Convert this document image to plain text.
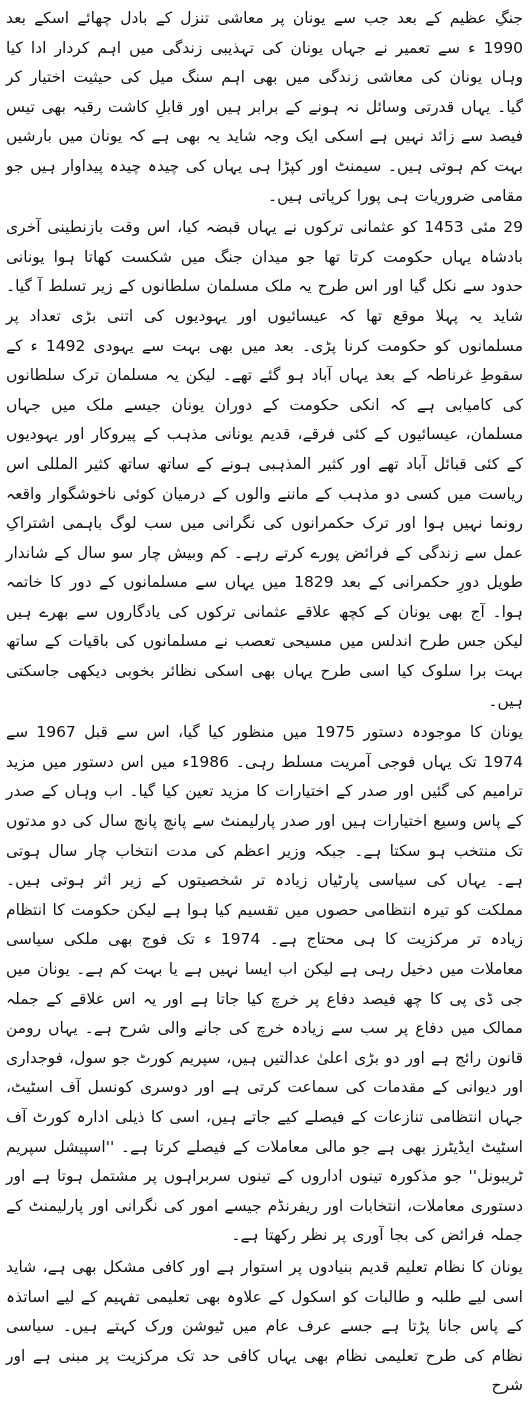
جنگِ عظیم کے بعد جب سے یونان پر معاشی تنزل کے بادل چھائے اسکے بعد 1990 ء سے تعمیر نے جہاں یونان کی تہذیبی زندگی میں اہم کردار ادا کیا وہاں یونان کی معاشی زندگی میں بھی اہم سنگ میل کی حیثیت اختیار کر گیا۔ یہاں قدرتی وسائل نہ ہونے کے برابر ہیں اور قابلِ کاشت رقبہ بھی تیس فیصد سے زائد نہیں ہے اسکی ایک وجہ شاید یہ بھی ہے کہ یونان میں بارشیں بہت کم ہوتی ہیں۔ سیمنٹ اور کپڑا ہی یہاں کی چیدہ چیدہ پیداوار ہیں جو مقامی ضروریات ہی پورا کرپاتی ہیں۔

29 مئی 1453 کو عثمانی ترکوں نے یہاں قبضہ کیا، اس وقت بازنطینی آخری بادشاہ یہاں حکومت کرتا تھا جو میدان جنگ میں شکست کھاتا ہوا یونانی حدود سے نکل گیا اور اس طرح یہ ملک مسلمان سلطانوں کے زیر تسلط آ گیا۔ شاید یہ پہلا موقع تھا کہ عیسائیوں اور یہودیوں کی اتنی بڑی تعداد پر مسلمانوں کو حکومت کرنا پڑی۔ بعد میں بھی بہت سے یہودی 1492 ء کے سقوطِ غرناطہ کے بعد یہاں آباد ہو گئے تھے۔ لیکن یہ مسلمان ترک سلطانوں کی کامیابی ہے کہ انکی حکومت کے دوران یونان جیسے ملک میں جہاں مسلمان، عیسائیوں کے کئی فرقے، قدیم یونانی مذہب کے پیروکار اور یہودیوں کے کئی قبائل آباد تھے اور کثیر المذہبی ہونے کے ساتھ ساتھ کثیر المللی اس ریاست میں کسی دو مذہب کے ماننے والوں کے درمیان کوئی ناخوشگوار واقعہ رونما نہیں ہوا اور ترک حکمرانوں کی نگرانی میں سب لوگ باہمی اشتراکِ عمل سے زندگی کے فرائض پورے کرتے رہے۔ کم وبیش چار سو سال کے شاندار طویل دورِ حکمرانی کے بعد 1829 میں یہاں سے مسلمانوں کے دور کا خاتمہ ہوا۔ آج بھی یونان کے کچھ علاقے عثمانی ترکوں کی یادگاروں سے بھرے ہیں لیکن جس طرح اندلس میں مسیحی تعصب نے مسلمانوں کی باقیات کے ساتھ بہت برا سلوک کیا اسی طرح یہاں بھی اسکی نظائر بخوبی دیکھی جاسکتی ہیں۔

یونان کا موجودہ دستور 1975 میں منظور کیا گیا، اس سے قبل 1967 سے 1974 تک یہاں فوجی آمریت مسلط رہی۔ 1986ء میں اس دستور میں مزید ترامیم کی گئیں اور صدر کے اختیارات کا مزید تعین کیا گیا۔ اب وہاں کے صدر کے پاس وسیع اختیارات ہیں اور صدر پارلیمنٹ سے پانچ پانچ سال کی دو مدتوں تک منتخب ہو سکتا ہے۔ جبکہ وزیر اعظم کی مدت انتخاب چار سال ہوتی ہے۔ یہاں کی سیاسی پارٹیاں زیادہ تر شخصیتوں کے زیر اثر ہوتی ہیں۔ مملکت کو تیرہ انتظامی حصوں میں تقسیم کیا ہوا ہے لیکن حکومت کا انتظام زیادہ تر مرکزیت کا ہی محتاج ہے۔ 1974 ء تک فوج بھی ملکی سیاسی معاملات میں دخیل رہی ہے لیکن اب ایسا نہیں ہے یا بہت کم ہے۔ یونان میں جی ڈی پی کا چھ فیصد دفاع پر خرچ کیا جاتا ہے اور یہ اس علاقے کے جملہ ممالک میں دفاع پر سب سے زیادہ خرچ کی جانے والی شرح ہے۔ یہاں رومن قانون رائج ہے اور دو بڑی اعلیٰ عدالتیں ہیں، سپریم کورٹ جو سول، فوجداری اور دیوانی کے مقدمات کی سماعت کرتی ہے اور دوسری کونسل آف اسٹیٹ، جہاں انتظامی تنازعات کے فیصلے کیے جاتے ہیں، اسی کا ذیلی ادارہ کورٹ آف اسٹیٹ ایڈیٹرز بھی ہے جو مالی معاملات کے فیصلے کرتا ہے۔ ''اسپیشل سپریم ٹریبونل'' جو مذکورہ تینوں اداروں کے تینوں سربراہوں پر مشتمل ہوتا ہے اور دستوری معاملات، انتخابات اور ریفرنڈم جیسے امور کی نگرانی اور پارلیمنٹ کے جملہ فرائض کی بجا آوری پر نظر رکھتا ہے۔

یونان کا نظام تعلیم قدیم بنیادوں پر استوار ہے اور کافی مشکل بھی ہے، شاید اسی لیے طلبہ و طالبات کو اسکول کے علاوہ بھی تعلیمی تفہیم کے لیے اساتذہ کے پاس جانا پڑتا ہے جسے عرف عام میں ٹیوشن ورک کہتے ہیں۔ سیاسی نظام کی طرح تعلیمی نظام بھی یہاں کافی حد تک مرکزیت پر مبنی ہے اور شرح
